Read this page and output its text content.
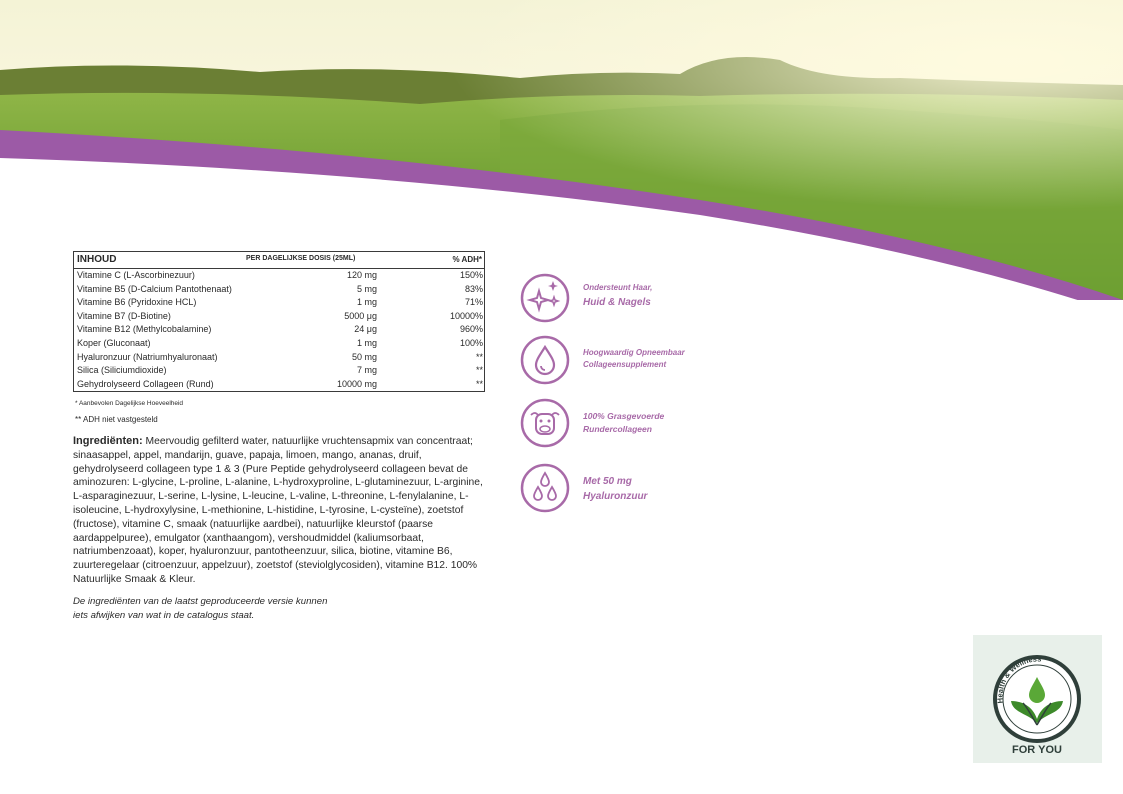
INHOUD	PER DAGELIJKSE DOSIS (25ML)	% ADH*
Vitamine C (L-Ascorbinezuur)	120 mg	150%
Vitamine B5 (D-Calcium Pantothenaat)	5 mg	83%
Vitamine B6 (Pyridoxine HCL)	1 mg	71%
Vitamine B7 (D-Biotine)	5000 μg	10000%
Vitamine B12 (Methylcobalamine)	24 μg	960%
Koper (Gluconaat)	1 mg	100%
Hyaluronzuur (Natriumhyaluronaat)	50 mg	**
Silica (Siliciumdioxide)	7 mg	**
Gehydrolyseerd Collageen (Rund)	10000 mg	**
* Aanbevolen Dagelijkse Hoeveelheid
** ADH niet vastgesteld
Ingrediënten: Meervoudig gefilterd water, natuurlijke vruchtensapmix van concentraat; sinaasappel, appel, mandarijn, guave, papaja, limoen, mango, ananas, druif, gehydrolyseerd collageen type 1 & 3 (Pure Peptide gehydrolyseerd collageen bevat de aminozuren: L-glycine, L-proline, L-alanine, L-hydroxyproline, L-glutaminezuur, L-arginine, L-asparaginezuur, L-serine, L-lysine, L-leucine, L-valine, L-threonine, L-fenylalanine, L-isoleucine, L-hydroxylysine, L-methionine, L-histidine, L-tyrosine, L-cysteïne), zoetstof (fructose), vitamine C, smaak (natuurlijke aardbei), natuurlijke kleurstof (paarse aardappelpuree), emulgator (xanthaangom), vershoudmiddel (kaliumsorbaat, natriumbenzoaat), koper, hyaluronzuur, pantotheenzuur, silica, biotine, vitamine B6, zuurteregelaar (citroenzuur, appelzuur), zoetstof (steviolglycosiden), vitamine B12. 100% Natuurlijke Smaak & Kleur.
De ingrediënten van de laatst geproduceerde versie kunnen iets afwijken van wat in de catalogus staat.
Ondersteunt Haar,
Huid & Nagels
Hoogwaardig Opneembaar
Collageensupplement
100% Grasgevoerde
Rundercollageen
Met 50 mg
Hyaluronzuur
Health & Wellness
FOR YOU
